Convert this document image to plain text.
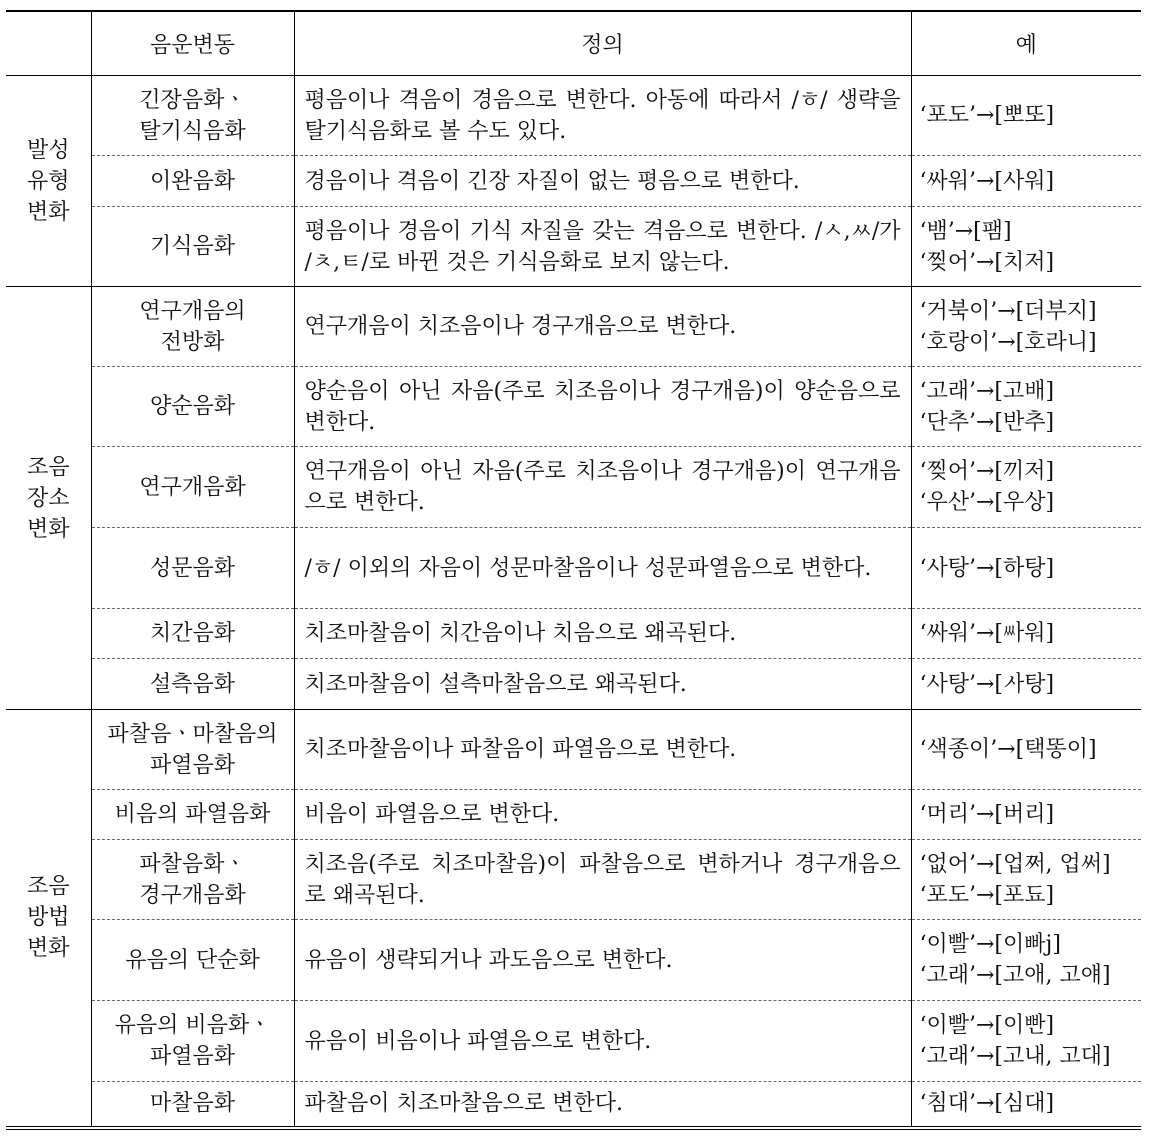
	음운변동	정의	예

발성
유형
변화	긴장음화ㆍ
탈기식음화	평음이나 격음이 경음으로 변한다. 아동에 따라서 /ㅎ/ 생략을 탈기식음화로 볼 수도 있다.	‘포도’→[뽀또]

	이완음화	경음이나 격음이 긴장 자질이 없는 평음으로 변한다.	‘싸워’→[사워]

	기식음화	평음이나 경음이 기식 자질을 갖는 격음으로 변한다. /ㅅ,ㅆ/가 /ㅊ,ㅌ/로 바뀐 것은 기식음화로 보지 않는다.	‘뱀’→[팸]
‘찢어’→[치저]

조음
장소
변화	연구개음의
전방화	연구개음이 치조음이나 경구개음으로 변한다.	‘거북이’→[더부지]
‘호랑이’→[호라니]

	양순음화	양순음이 아닌 자음(주로 치조음이나 경구개음)이 양순음으로 변한다.	‘고래’→[고배]
‘단추’→[반추]

	연구개음화	연구개음이 아닌 자음(주로 치조음이나 경구개음)이 연구개음으로 변한다.	‘찢어’→[끼저]
‘우산’→[우상]

	성문음화	/ㅎ/ 이외의 자음이 성문마찰음이나 성문파열음으로 변한다.	‘사탕’→[하탕]

	치간음화	치조마찰음이 치간음이나 치음으로 왜곡된다.	‘싸워’→[ᄴᅡ워]

	설측음화	치조마찰음이 설측마찰음으로 왜곡된다.	‘사탕’→[ᄼᅡ탕]

조음
방법
변화	파찰음ㆍ마찰음의
파열음화	치조마찰음이나 파찰음이 파열음으로 변한다.	‘색종이’→[택똥이]

	비음의 파열음화	비음이 파열음으로 변한다.	‘머리’→[버리]

	파찰음화ㆍ
경구개음화	치조음(주로 치조마찰음)이 파찰음으로 변하거나 경구개음으로 왜곡된다.	‘없어’→[업쩌, 업써]
‘포도’→[포됴]

	유음의 단순화	유음이 생략되거나 과도음으로 변한다.	‘이빨’→[이빠j]
‘고래’→[고애, 고얘]

	유음의 비음화ㆍ
파열음화	유음이 비음이나 파열음으로 변한다.	‘이빨’→[이빤]
‘고래’→[고내, 고대]

	마찰음화	파찰음이 치조마찰음으로 변한다.	‘침대’→[심대]
